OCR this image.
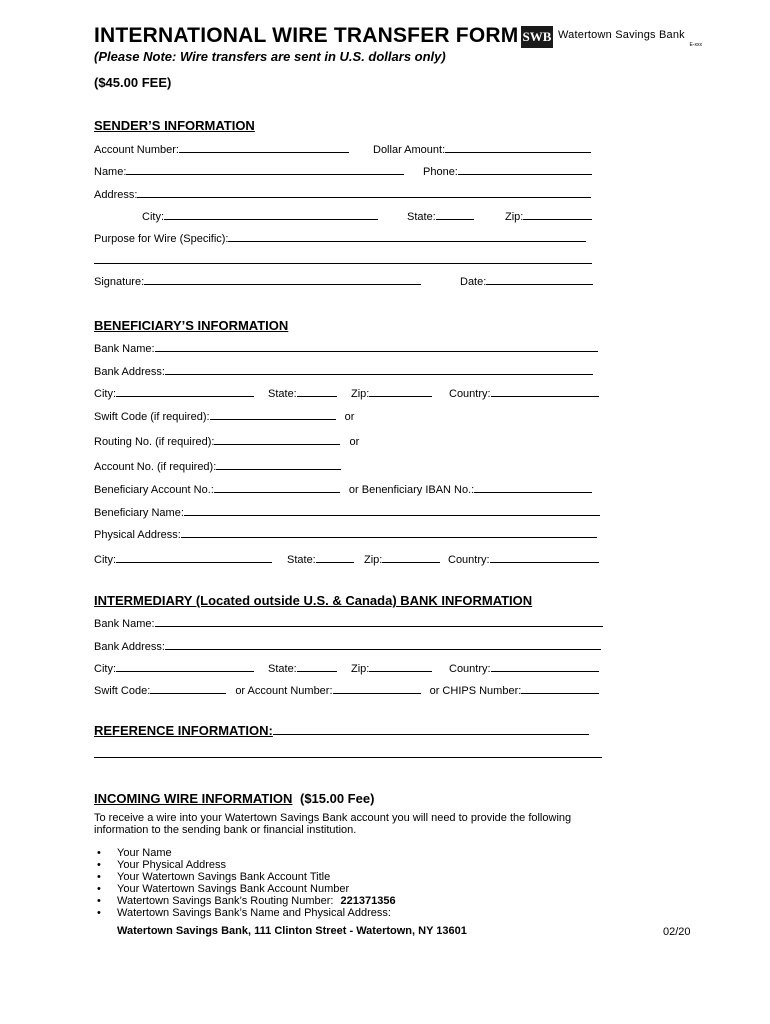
INTERNATIONAL WIRE TRANSFER FORM
(Please Note: Wire transfers are sent in U.S. dollars only)
($45.00 FEE)
SWB Watertown Savings Bank
E-xxx
SENDER’S INFORMATION
Account Number:	Dollar Amount:
Name:	Phone:
Address:
City:	State:	Zip:
Purpose for Wire (Specific):
Signature:	Date:
BENEFICIARY’S INFORMATION
Bank Name:
Bank Address:
City:	State:	Zip:	Country:
Swift Code (if required):	or
Routing No. (if required):	or
Account No. (if required):
Beneficiary Account No.:	or Benenficiary IBAN No.:
Beneficiary Name:
Physical Address:
City:	State:	Zip:	Country:
INTERMEDIARY (Located outside U.S. & Canada) BANK INFORMATION
Bank Name:
Bank Address:
City:	State:	Zip:	Country:
Swift Code:	or Account Number:	or CHIPS Number:
REFERENCE INFORMATION:
INCOMING WIRE INFORMATION ($15.00 Fee)
To receive a wire into your Watertown Savings Bank account you will need to provide the following
information to the sending bank or financial institution.
• Your Name
• Your Physical Address
• Your Watertown Savings Bank Account Title
• Your Watertown Savings Bank Account Number
• Watertown Savings Bank’s Routing Number: 221371356
• Watertown Savings Bank’s Name and Physical Address:
Watertown Savings Bank, 111 Clinton Street - Watertown, NY 13601	02/20
